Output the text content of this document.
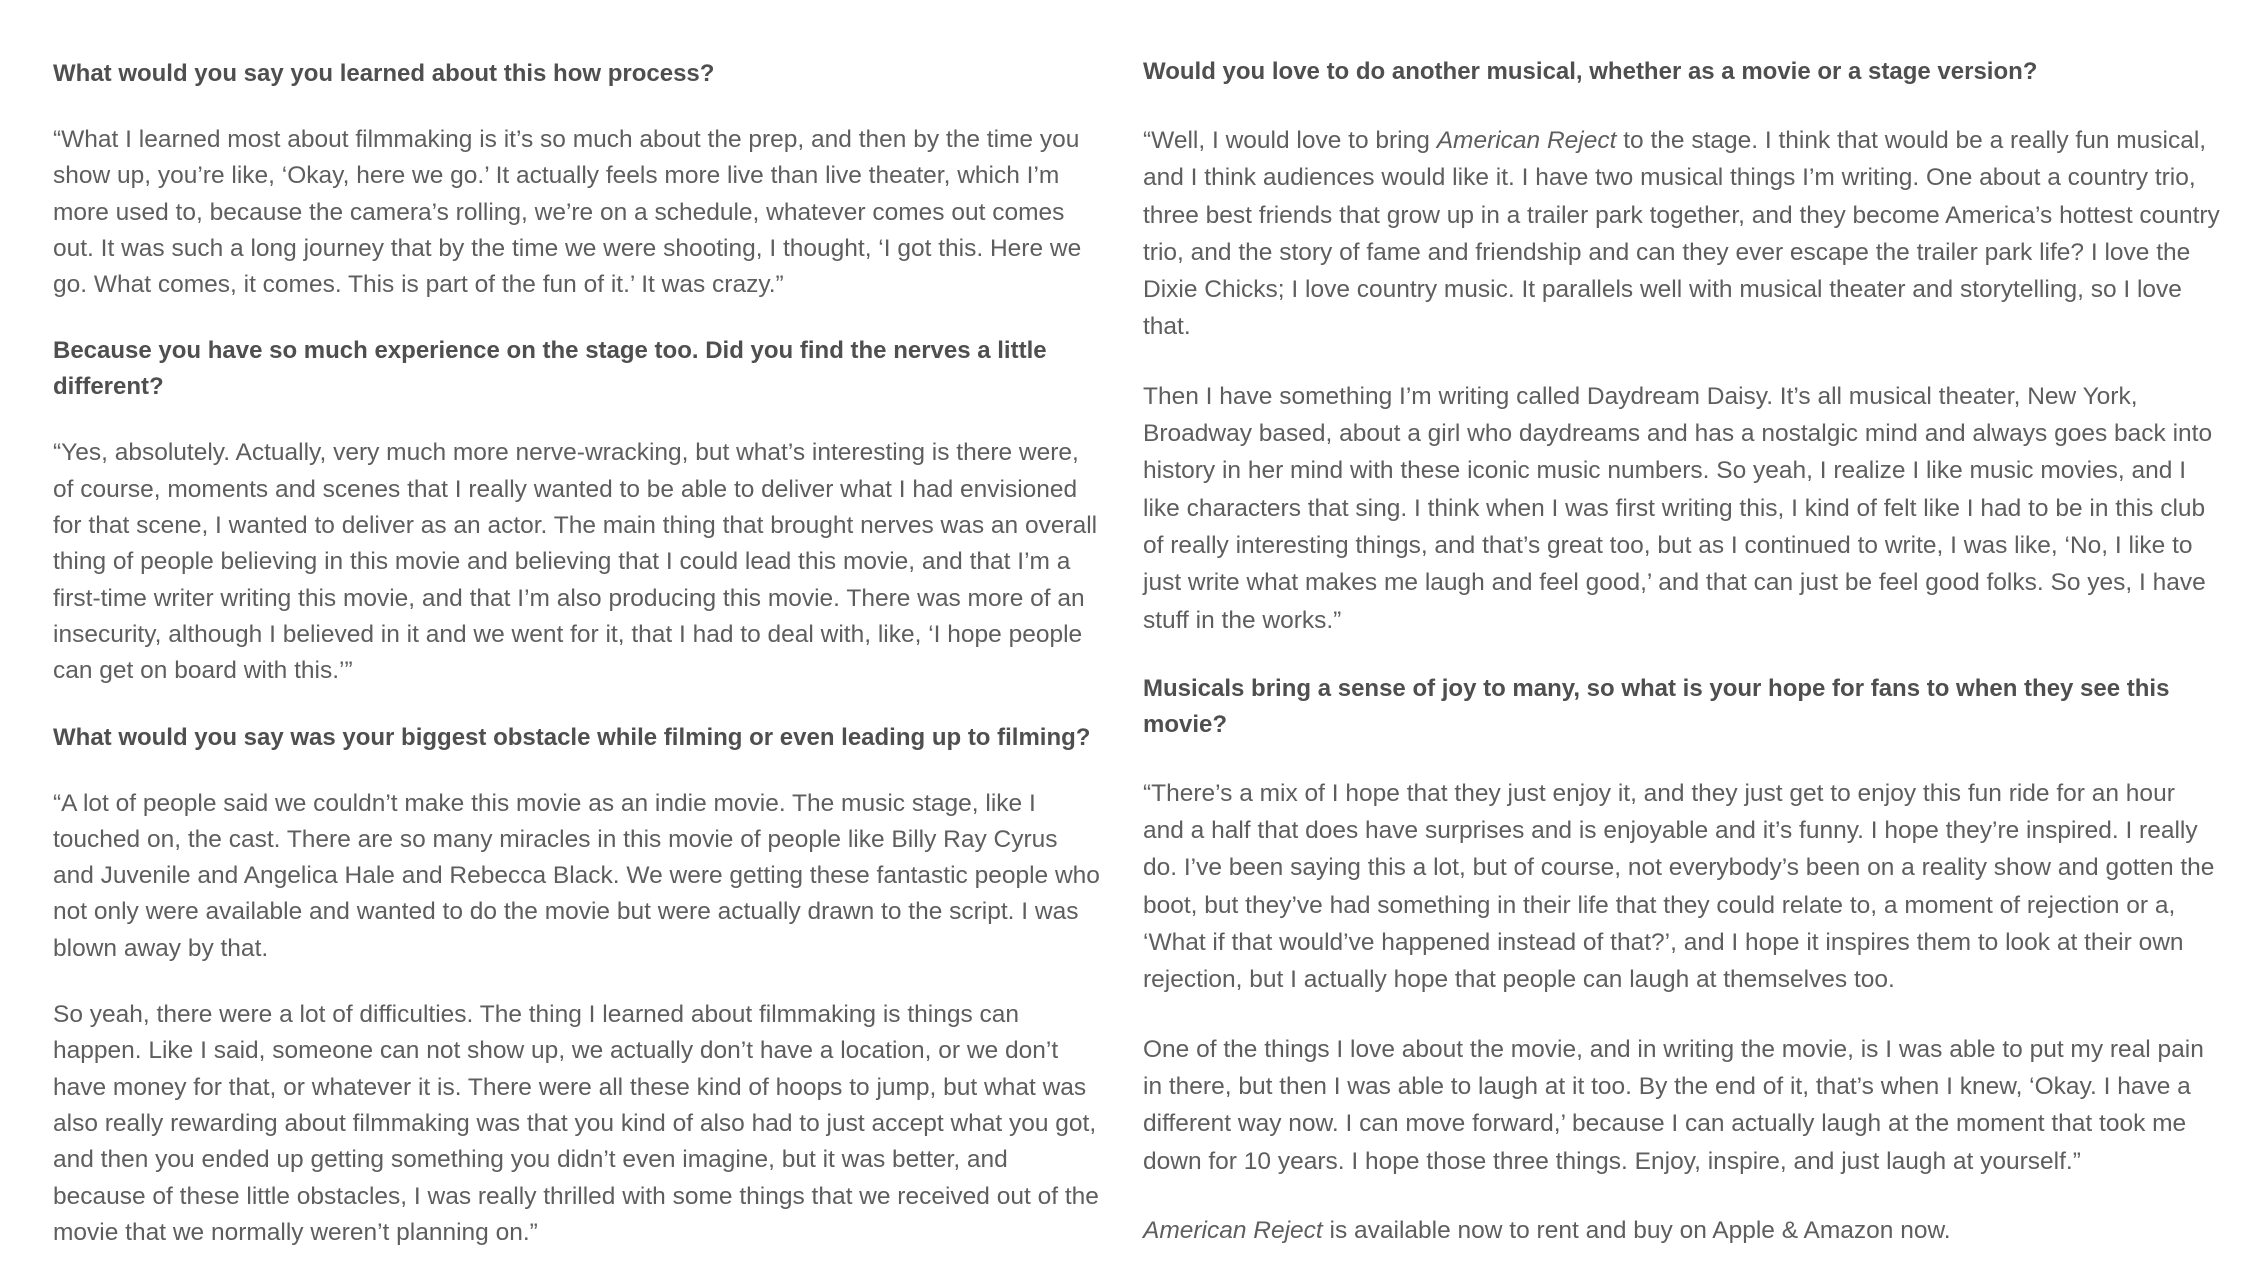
What would you say you learned about this how process?

“What I learned most about filmmaking is it’s so much about the prep, and then by the time you show up, you’re like, ‘Okay, here we go.’ It actually feels more live than live theater, which I’m more used to, because the camera’s rolling, we’re on a schedule, whatever comes out comes out. It was such a long journey that by the time we were shooting, I thought, ‘I got this. Here we go. What comes, it comes. This is part of the fun of it.’ It was crazy.”

Because you have so much experience on the stage too. Did you find the nerves a little different?

“Yes, absolutely. Actually, very much more nerve-wracking, but what’s interesting is there were, of course, moments and scenes that I really wanted to be able to deliver what I had envisioned for that scene, I wanted to deliver as an actor. The main thing that brought nerves was an overall thing of people believing in this movie and believing that I could lead this movie, and that I’m a first-time writer writing this movie, and that I’m also producing this movie. There was more of an insecurity, although I believed in it and we went for it, that I had to deal with, like, ‘I hope people can get on board with this.’”

What would you say was your biggest obstacle while filming or even leading up to filming?

“A lot of people said we couldn’t make this movie as an indie movie. The music stage, like I touched on, the cast. There are so many miracles in this movie of people like Billy Ray Cyrus and Juvenile and Angelica Hale and Rebecca Black. We were getting these fantastic people who not only were available and wanted to do the movie but were actually drawn to the script. I was blown away by that.

So yeah, there were a lot of difficulties. The thing I learned about filmmaking is things can happen. Like I said, someone can not show up, we actually don’t have a location, or we don’t have money for that, or whatever it is. There were all these kind of hoops to jump, but what was also really rewarding about filmmaking was that you kind of also had to just accept what you got, and then you ended up getting something you didn’t even imagine, but it was better, and because of these little obstacles, I was really thrilled with some things that we received out of the movie that we normally weren’t planning on.”

Would you love to do another musical, whether as a movie or a stage version?

“Well, I would love to bring American Reject to the stage. I think that would be a really fun musical, and I think audiences would like it. I have two musical things I’m writing. One about a country trio, three best friends that grow up in a trailer park together, and they become America’s hottest country trio, and the story of fame and friendship and can they ever escape the trailer park life? I love the Dixie Chicks; I love country music. It parallels well with musical theater and storytelling, so I love that.

Then I have something I’m writing called Daydream Daisy. It’s all musical theater, New York, Broadway based, about a girl who daydreams and has a nostalgic mind and always goes back into history in her mind with these iconic music numbers. So yeah, I realize I like music movies, and I like characters that sing. I think when I was first writing this, I kind of felt like I had to be in this club of really interesting things, and that’s great too, but as I continued to write, I was like, ‘No, I like to just write what makes me laugh and feel good,’ and that can just be feel good folks. So yes, I have stuff in the works.”

Musicals bring a sense of joy to many, so what is your hope for fans to when they see this movie?

“There’s a mix of I hope that they just enjoy it, and they just get to enjoy this fun ride for an hour and a half that does have surprises and is enjoyable and it’s funny. I hope they’re inspired. I really do. I’ve been saying this a lot, but of course, not everybody’s been on a reality show and gotten the boot, but they’ve had something in their life that they could relate to, a moment of rejection or a, ‘What if that would’ve happened instead of that?’, and I hope it inspires them to look at their own rejection, but I actually hope that people can laugh at themselves too.

One of the things I love about the movie, and in writing the movie, is I was able to put my real pain in there, but then I was able to laugh at it too. By the end of it, that’s when I knew, ‘Okay. I have a different way now. I can move forward,’ because I can actually laugh at the moment that took me down for 10 years. I hope those three things. Enjoy, inspire, and just laugh at yourself.”

American Reject is available now to rent and buy on Apple & Amazon now.
